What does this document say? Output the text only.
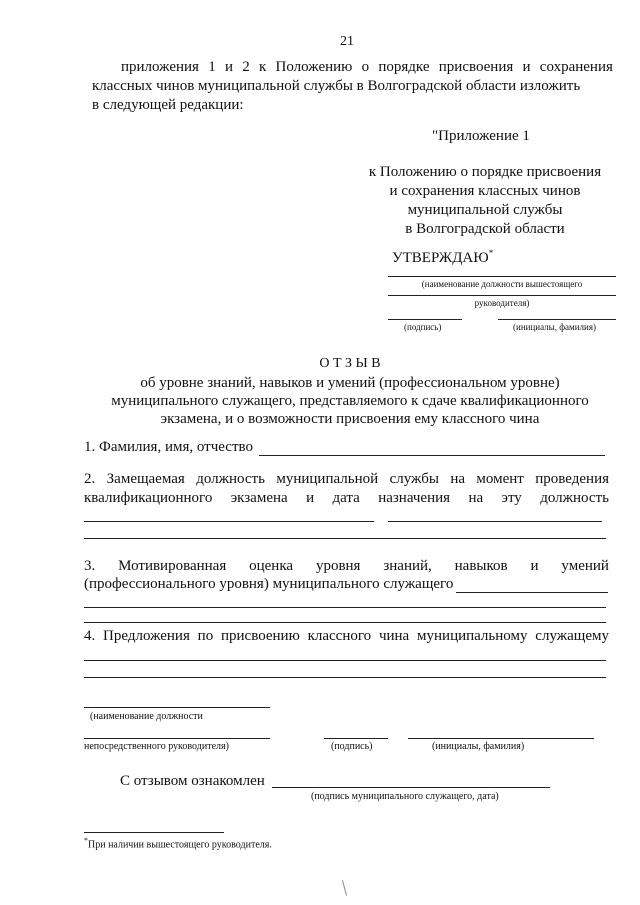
21
приложения 1 и 2 к Положению о порядке присвоения и сохранения
классных чинов муниципальной службы в Волгоградской области изложить
в следующей редакции:
"Приложение 1
к Положению о порядке присвоения
и сохранения классных чинов
муниципальной службы
в Волгоградской области
УТВЕРЖДАЮ*
(наименование должности вышестоящего
руководителя)
(подпись)	(инициалы, фамилия)
О Т З Ы В
об уровне знаний, навыков и умений (профессиональном уровне)
муниципального служащего, представляемого к сдаче квалификационного
экзамена, и о возможности присвоения ему классного чина
1. Фамилия, имя, отчество
2. Замещаемая должность муниципальной службы на момент проведения
квалификационного экзамена и дата назначения на эту должность
3. Мотивированная оценка уровня знаний, навыков и умений
(профессионального уровня) муниципального служащего
4. Предложения по присвоению классного чина муниципальному служащему
(наименование должности
непосредственного руководителя)	(подпись)	(инициалы, фамилия)
С отзывом ознакомлен
(подпись муниципального служащего, дата)
*При наличии вышестоящего руководителя.
